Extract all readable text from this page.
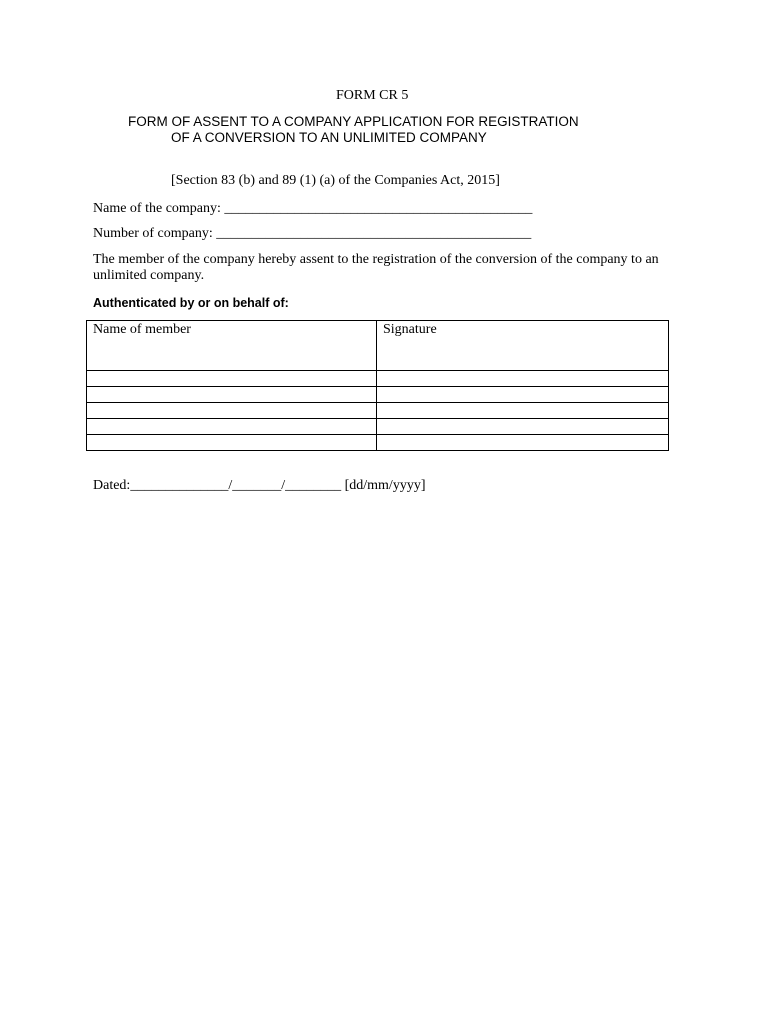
FORM CR 5
FORM OF ASSENT TO A COMPANY APPLICATION FOR REGISTRATION
OF A CONVERSION TO AN UNLIMITED COMPANY
[Section 83 (b) and 89 (1) (a) of the Companies Act, 2015]
Name of the company: ____________________________________________
Number of company: _____________________________________________
The member of the company hereby assent to the registration of the conversion of the company to an unlimited company.
Authenticated by or on behalf of:
Name of member	Signature

Dated:______________/_______/________ [dd/mm/yyyy]
